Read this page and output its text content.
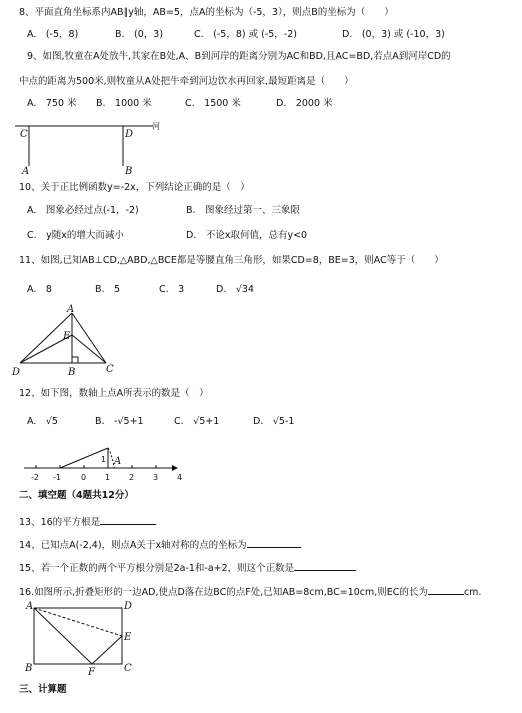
8、平面直角坐标系内AB∥y轴，AB=5，点A的坐标为（-5，3），则点B的坐标为（　　）
A.　(-5，8)	B.　(0，3)	C.　(-5，8) 或 (-5，-2)	D.　(0，3) 或 (-10，3)
9、如图,牧童在A处放牛,其家在B处,A、B到河岸的距离分别为AC和BD,且AC=BD,若点A到河岸CD的
中点的距离为500米,则牧童从A处把牛牵到河边饮水再回家,最短距离是（　　）
A.　750 米 B.　1000 米	C.　1500 米	D.　2000 米
河
C	D
A	B
10、关于正比例函数y=-2x，下列结论正确的是（　）
A.　图象必经过点(-1，-2)	B.　图象经过第一、三象限
C.　y随x的增大而减小	D.　不论x取何值，总有y<0
11、如图,已知AB⊥CD,△ABD,△BCE都是等腰直角三角形，如果CD=8，BE=3，则AC等于（　　）
A.　8	B.　5	C.　3	D.　√34
A
E
D	B	C
12、如下图，数轴上点A所表示的数是（　）
A.　√5	B.　-√5+1	C.　√5+1	D.　√5-1
1 A
-2 -1	0 1 2 3 4
二、填空题（4题共12分）
13、16的平方根是
14、已知点A(-2,4)，则点A关于x轴对称的点的坐标为
15、若一个正数的两个平方根分别是2a-1和-a+2，则这个正数是
16.如图所示,折叠矩形的一边AD,使点D落在边BC的点F处,已知AB=8cm,BC=10cm,则EC的长为	cm.
A	D
E
B	F	C
三、计算题
